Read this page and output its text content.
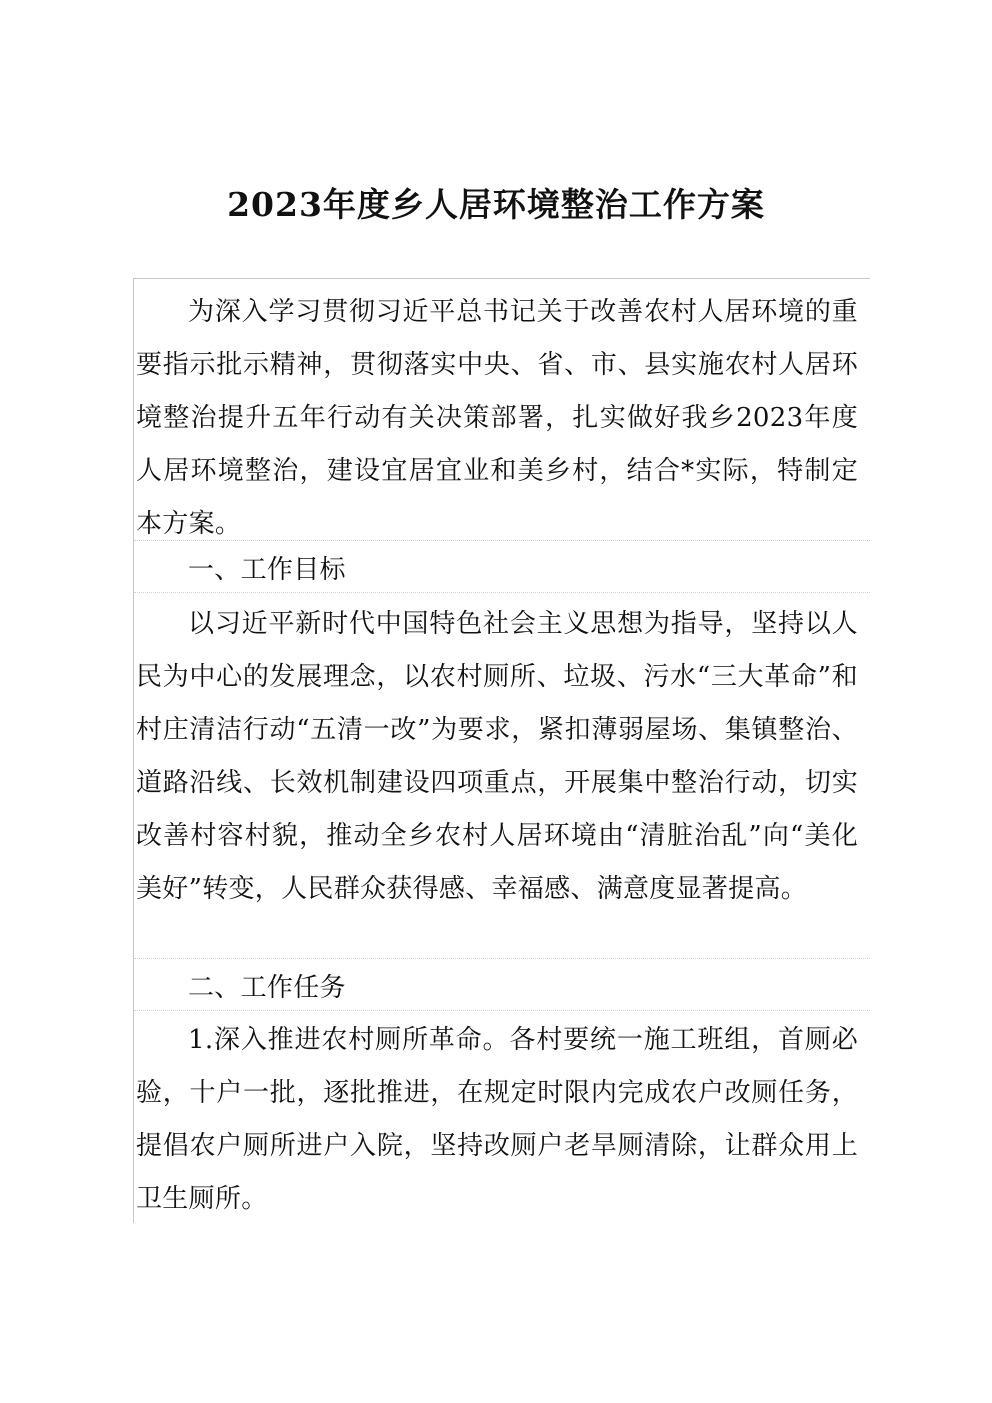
2023年度乡人居环境整治工作方案

为深入学习贯彻习近平总书记关于改善农村人居环境的重要指示批示精神，贯彻落实中央、省、市、县实施农村人居环境整治提升五年行动有关决策部署，扎实做好我乡2023年度人居环境整治，建设宜居宜业和美乡村，结合*实际，特制定本方案。

一、工作目标

以习近平新时代中国特色社会主义思想为指导，坚持以人民为中心的发展理念，以农村厕所、垃圾、污水“三大革命”和村庄清洁行动“五清一改”为要求，紧扣薄弱屋场、集镇整治、道路沿线、长效机制建设四项重点，开展集中整治行动，切实改善村容村貌，推动全乡农村人居环境由“清脏治乱”向“美化美好”转变，人民群众获得感、幸福感、满意度显著提高。

二、工作任务

1.深入推进农村厕所革命。各村要统一施工班组，首厕必验，十户一批，逐批推进，在规定时限内完成农户改厕任务，提倡农户厕所进户入院，坚持改厕户老旱厕清除，让群众用上卫生厕所。
